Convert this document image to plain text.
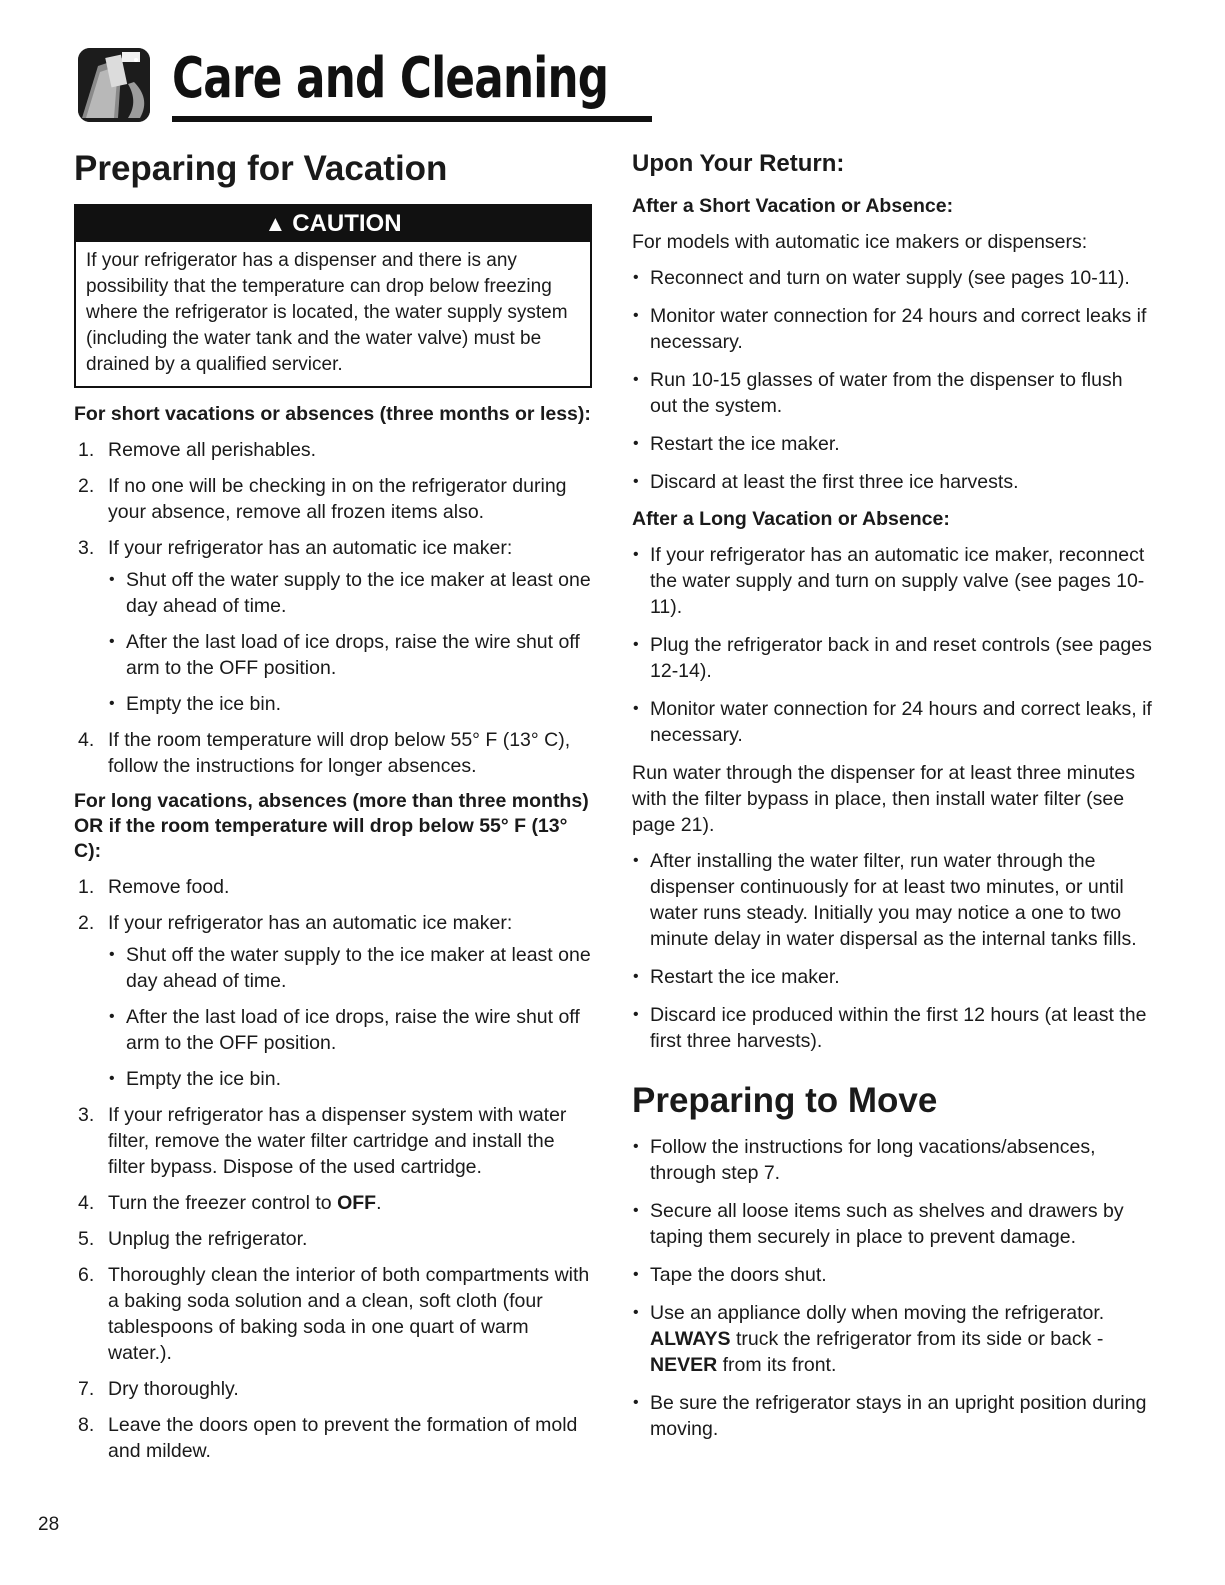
Care and Cleaning
Preparing for Vacation
▲ CAUTION
If your refrigerator has a dispenser and there is any possibility that the temperature can drop below freezing where the refrigerator is located, the water supply system (including the water tank and the water valve) must be drained by a qualified servicer.
For short vacations or absences (three months or less):
1. Remove all perishables.
2. If no one will be checking in on the refrigerator during your absence, remove all frozen items also.
3. If your refrigerator has an automatic ice maker:
• Shut off the water supply to the ice maker at least one day ahead of time.
• After the last load of ice drops, raise the wire shut off arm to the OFF position.
• Empty the ice bin.
4. If the room temperature will drop below 55° F (13° C), follow the instructions for longer absences.
For long vacations, absences (more than three months) OR if the room temperature will drop below 55° F (13° C):
1. Remove food.
2. If your refrigerator has an automatic ice maker:
• Shut off the water supply to the ice maker at least one day ahead of time.
• After the last load of ice drops, raise the wire shut off arm to the OFF position.
• Empty the ice bin.
3. If your refrigerator has a dispenser system with water filter, remove the water filter cartridge and install the filter bypass. Dispose of the used cartridge.
4. Turn the freezer control to OFF.
5. Unplug the refrigerator.
6. Thoroughly clean the interior of both compartments with a baking soda solution and a clean, soft cloth (four tablespoons of baking soda in one quart of warm water.).
7. Dry thoroughly.
8. Leave the doors open to prevent the formation of mold and mildew.
Upon Your Return:
After a Short Vacation or Absence:

For models with automatic ice makers or dispensers:

• Reconnect and turn on water supply (see pages 10-11).
• Monitor water connection for 24 hours and correct leaks if necessary.
• Run 10-15 glasses of water from the dispenser to flush out the system.
• Restart the ice maker.
• Discard at least the first three ice harvests.
After a Long Vacation or Absence:
• If your refrigerator has an automatic ice maker, reconnect the water supply and turn on supply valve (see pages 10-11).
• Plug the refrigerator back in and reset controls (see pages 12-14).
• Monitor water connection for 24 hours and correct leaks, if necessary.

Run water through the dispenser for at least three minutes with the filter bypass in place, then install water filter (see page 21).

• After installing the water filter, run water through the dispenser continuously for at least two minutes, or until water runs steady. Initially you may notice a one to two minute delay in water dispersal as the internal tanks fills.
• Restart the ice maker.
• Discard ice produced within the first 12 hours (at least the first three harvests).
Preparing to Move
• Follow the instructions for long vacations/absences, through step 7.
• Secure all loose items such as shelves and drawers by taping them securely in place to prevent damage.
• Tape the doors shut.
• Use an appliance dolly when moving the refrigerator. ALWAYS truck the refrigerator from its side or back - NEVER from its front.
• Be sure the refrigerator stays in an upright position during moving.
28
